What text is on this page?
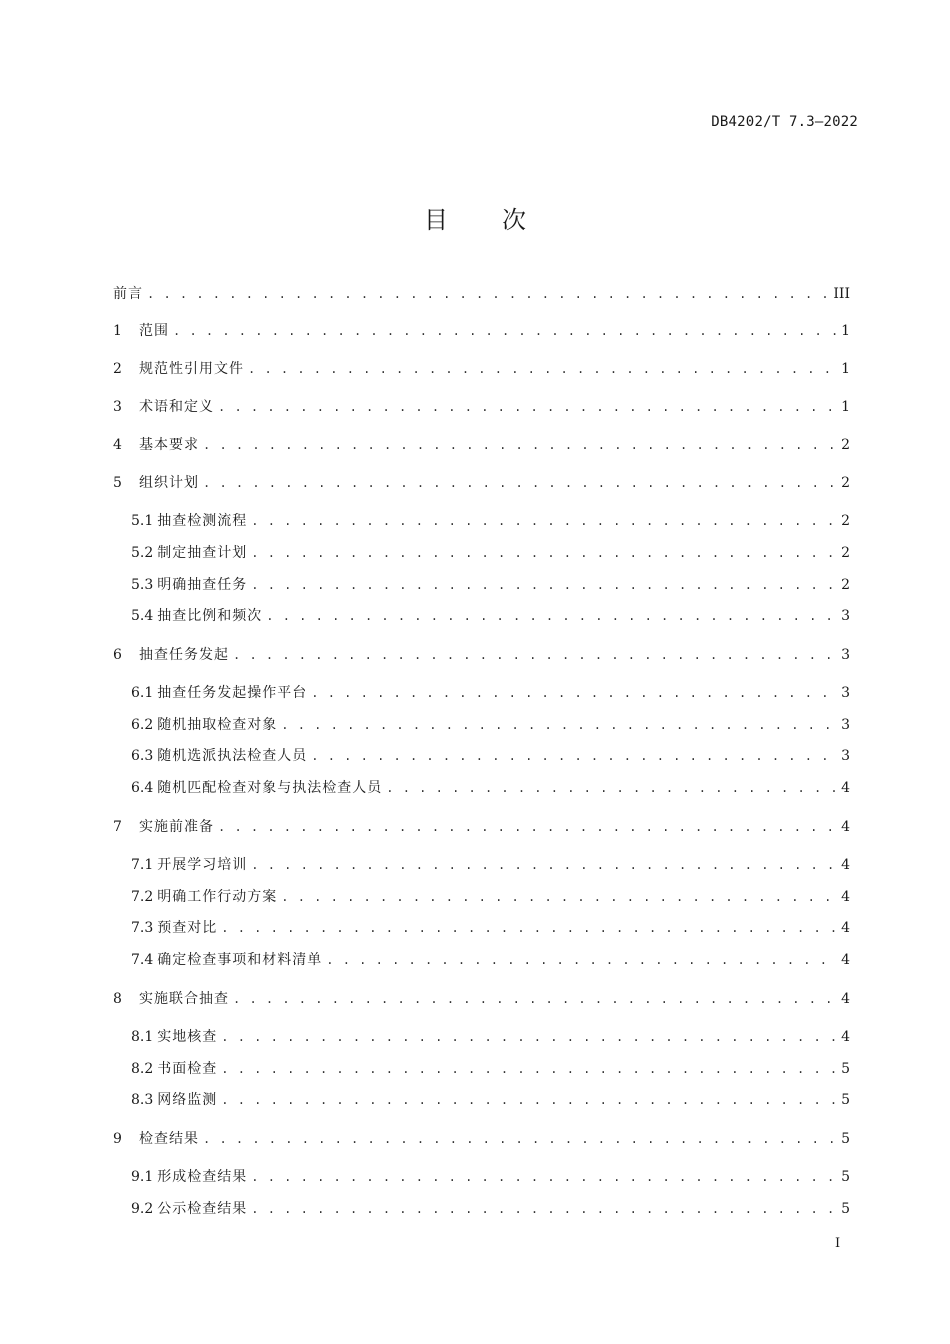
DB4202/T 7.3—2022
目次
前言 . . .	III
1	范围 . . .	1
2	规范性引用文件 . . .	1
3	术语和定义 . . .	1
4	基本要求 . . .	2
5	组织计划 . . .	2
5.1 抽查检测流程 . . .	2
5.2 制定抽查计划 . . .	2
5.3 明确抽查任务 . . .	2
5.4 抽查比例和频次 . . .	3
6	抽查任务发起 . . .	3
6.1 抽查任务发起操作平台 . . .	3
6.2 随机抽取检查对象 . . .	3
6.3 随机选派执法检查人员 . . .	3
6.4 随机匹配检查对象与执法检查人员 . . .	4
7	实施前准备 . . .	4
7.1 开展学习培训 . . .	4
7.2 明确工作行动方案 . . .	4
7.3 预查对比 . . .	4
7.4 确定检查事项和材料清单 . . .	4
8	实施联合抽查 . . .	4
8.1 实地核查 . . .	4
8.2 书面检查 . . .	5
8.3 网络监测 . . .	5
9	检查结果 . . .	5
9.1 形成检查结果 . . .	5
9.2 公示检查结果 . . .	5
I
